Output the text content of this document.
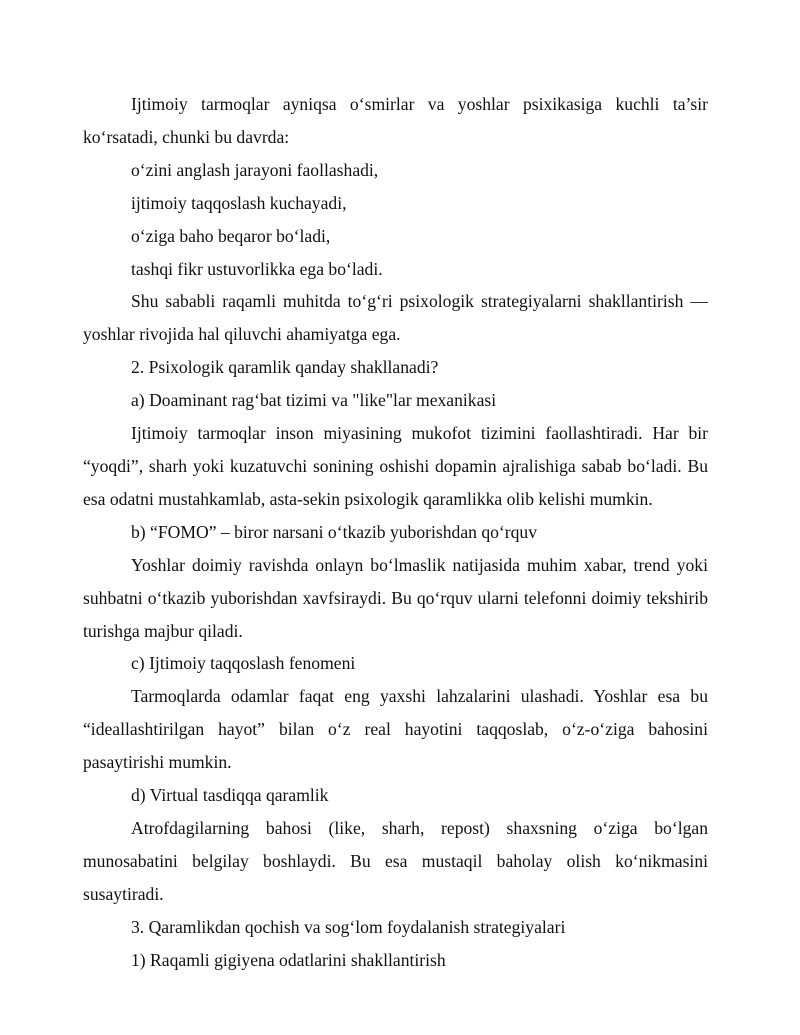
Ijtimoiy tarmoqlar ayniqsa o‘smirlar va yoshlar psixikasiga kuchli ta’sir ko‘rsatadi, chunki bu davrda:

o‘zini anglash jarayoni faollashadi,

ijtimoiy taqqoslash kuchayadi,

o‘ziga baho beqaror bo‘ladi,

tashqi fikr ustuvorlikka ega bo‘ladi.

Shu sababli raqamli muhitda to‘g‘ri psixologik strategiyalarni shakllantirish — yoshlar rivojida hal qiluvchi ahamiyatga ega.

2. Psixologik qaramlik qanday shakllanadi?

a) Doaminant rag‘bat tizimi va "like"lar mexanikasi

Ijtimoiy tarmoqlar inson miyasining mukofot tizimini faollashtiradi. Har bir “yoqdi”, sharh yoki kuzatuvchi sonining oshishi dopamin ajralishiga sabab bo‘ladi. Bu esa odatni mustahkamlab, asta-sekin psixologik qaramlikka olib kelishi mumkin.

b) “FOMO” – biror narsani o‘tkazib yuborishdan qo‘rquv

Yoshlar doimiy ravishda onlayn bo‘lmaslik natijasida muhim xabar, trend yoki suhbatni o‘tkazib yuborishdan xavfsiraydi. Bu qo‘rquv ularni telefonni doimiy tekshirib turishga majbur qiladi.

c) Ijtimoiy taqqoslash fenomeni

Tarmoqlarda odamlar faqat eng yaxshi lahzalarini ulashadi. Yoshlar esa bu “ideallashtirilgan hayot” bilan o‘z real hayotini taqqoslab, o‘z-o‘ziga bahosini pasaytirishi mumkin.

d) Virtual tasdiqqa qaramlik

Atrofdagilarning bahosi (like, sharh, repost) shaxsning o‘ziga bo‘lgan munosabatini belgilay boshlaydi. Bu esa mustaqil baholay olish ko‘nikmasini susaytiradi.

3. Qaramlikdan qochish va sog‘lom foydalanish strategiyalari

1) Raqamli gigiyena odatlarini shakllantirish
